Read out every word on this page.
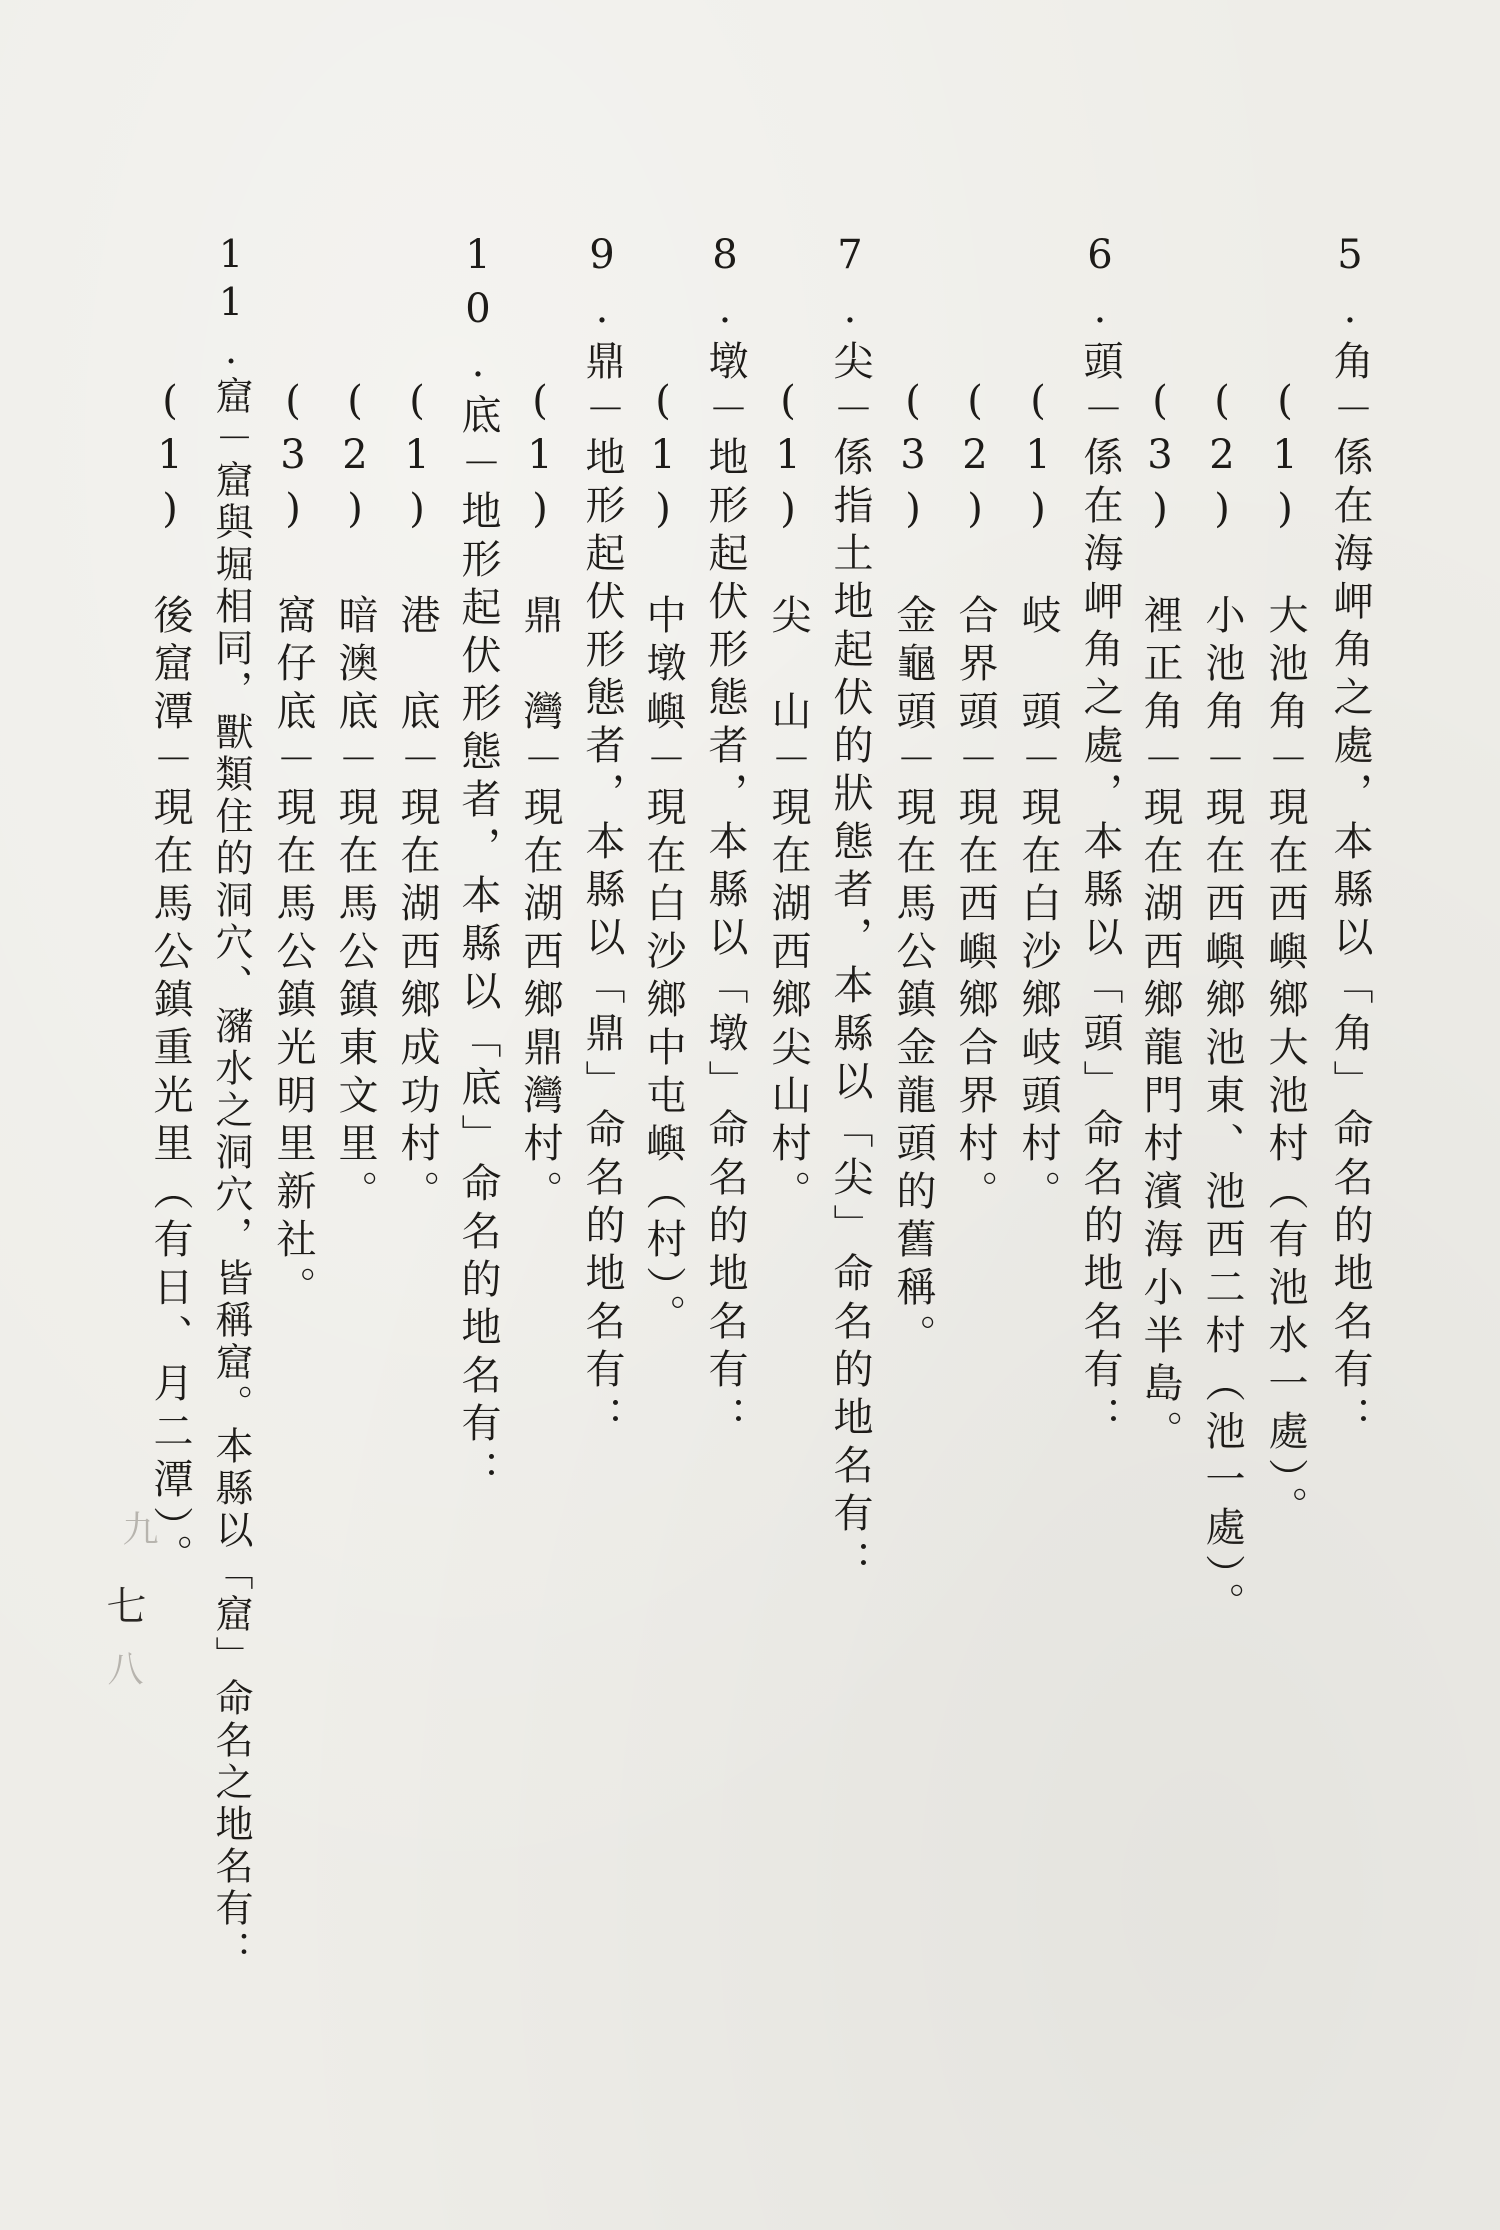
5.角－係在海岬角之處，本縣以「角」命名的地名有：
(1) 大池角－現在西嶼鄉大池村（有池水一處）。
(2) 小池角－現在西嶼鄉池東、池西二村（池一處）。
(3) 裡正角－現在湖西鄉龍門村濱海小半島。
6.頭－係在海岬角之處，本縣以「頭」命名的地名有：
(1) 岐　頭－現在白沙鄉岐頭村。
(2) 合界頭－現在西嶼鄉合界村。
(3) 金龜頭－現在馬公鎮金龍頭的舊稱。
7.尖－係指土地起伏的狀態者，本縣以「尖」命名的地名有：
(1) 尖　山－現在湖西鄉尖山村。
8.墩－地形起伏形態者，本縣以「墩」命名的地名有：
(1) 中墩嶼－現在白沙鄉中屯嶼（村）。
9.鼎－地形起伏形態者，本縣以「鼎」命名的地名有：
(1) 鼎　灣－現在湖西鄉鼎灣村。
10.底－地形起伏形態者，本縣以「底」命名的地名有：
(1) 港　底－現在湖西鄉成功村。
(2) 暗澳底－現在馬公鎮東文里。
(3) 窩仔底－現在馬公鎮光明里新社。
11.窟－窟與堀相同，獸類住的洞穴、瀦水之洞穴，皆稱窟。本縣以「窟」命名之地名有：
(1) 後窟潭－現在馬公鎮重光里（有日、月二潭）。
九
七
八
